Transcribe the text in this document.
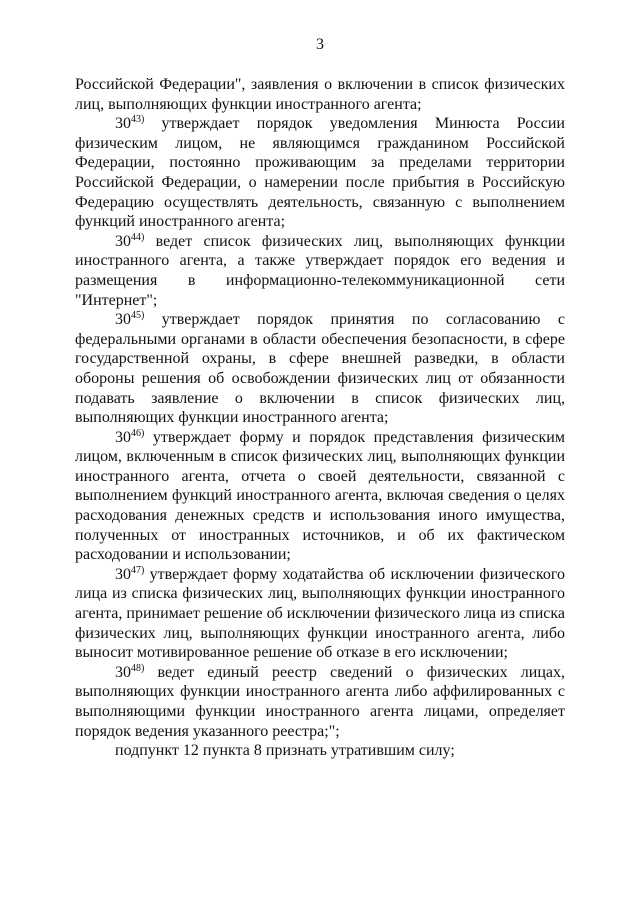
3

Российской Федерации", заявления о включении в список физических лиц, выполняющих функции иностранного агента;

30$^{43)}$ утверждает порядок уведомления Минюста России физическим лицом, не являющимся гражданином Российской Федерации, постоянно проживающим за пределами территории Российской Федерации, о намерении после прибытия в Российскую Федерацию осуществлять деятельность, связанную с выполнением функций иностранного агента;

30$^{44)}$ ведет список физических лиц, выполняющих функции иностранного агента, а также утверждает порядок его ведения и размещения в информационно-телекоммуникационной сети "Интернет";

30$^{45)}$ утверждает порядок принятия по согласованию с федеральными органами в области обеспечения безопасности, в сфере государственной охраны, в сфере внешней разведки, в области обороны решения об освобождении физических лиц от обязанности подавать заявление о включении в список физических лиц, выполняющих функции иностранного агента;

30$^{46)}$ утверждает форму и порядок представления физическим лицом, включенным в список физических лиц, выполняющих функции иностранного агента, отчета о своей деятельности, связанной с выполнением функций иностранного агента, включая сведения о целях расходования денежных средств и использования иного имущества, полученных от иностранных источников, и об их фактическом расходовании и использовании;

30$^{47)}$ утверждает форму ходатайства об исключении физического лица из списка физических лиц, выполняющих функции иностранного агента, принимает решение об исключении физического лица из списка физических лиц, выполняющих функции иностранного агента, либо выносит мотивированное решение об отказе в его исключении;

30$^{48)}$ ведет единый реестр сведений о физических лицах, выполняющих функции иностранного агента либо аффилированных с выполняющими функции иностранного агента лицами, определяет порядок ведения указанного реестра;";

подпункт 12 пункта 8 признать утратившим силу;
